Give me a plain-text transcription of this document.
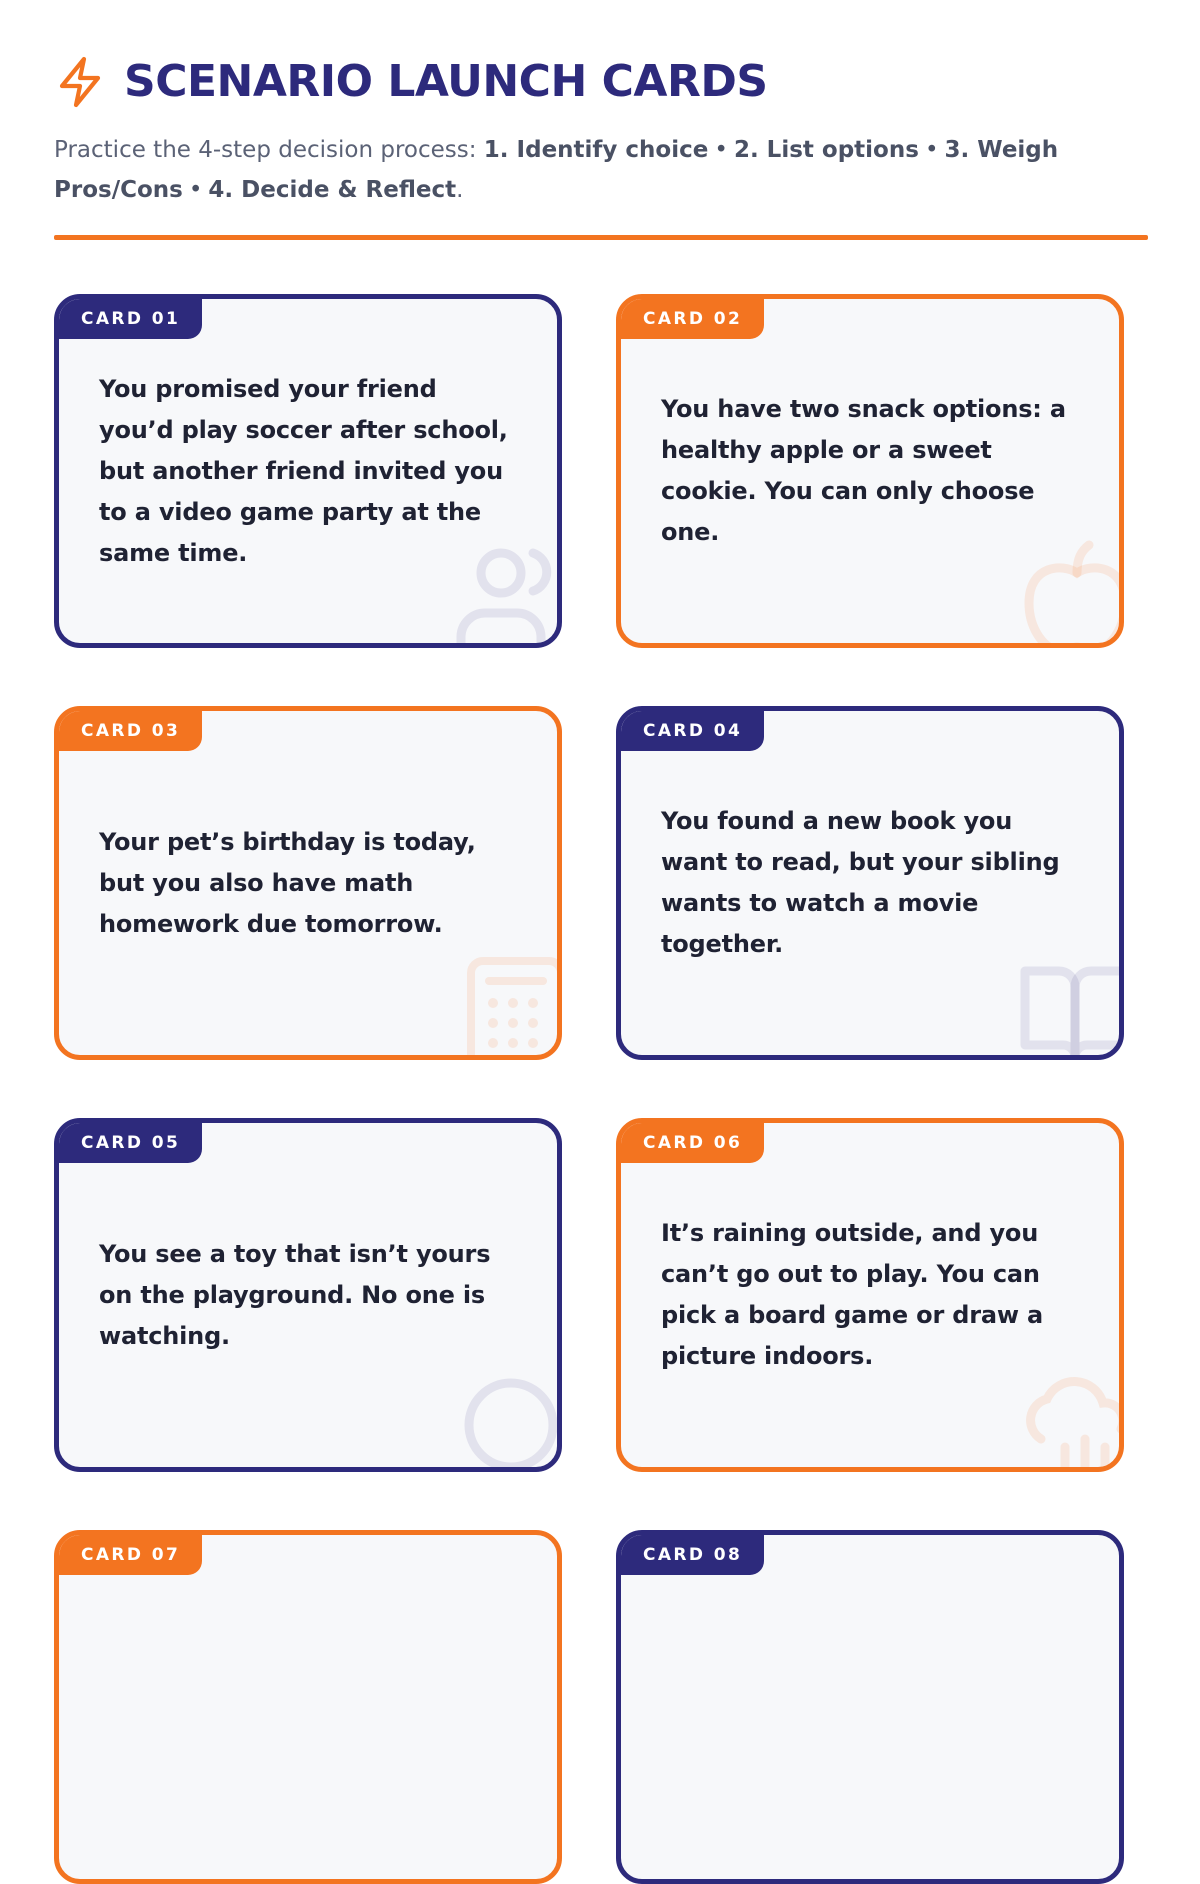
SCENARIO LAUNCH CARDS
Practice the 4-step decision process: 1. Identify choice • 2. List options • 3. Weigh Pros/Cons • 4. Decide & Reflect.
CARD 01
You promised your friend you’d play soccer after school, but another friend invited you to a video game party at the same time.
CARD 02
You have two snack options: a healthy apple or a sweet cookie. You can only choose one.
CARD 03
Your pet’s birthday is today, but you also have math homework due tomorrow.
CARD 04
You found a new book you want to read, but your sibling wants to watch a movie together.
CARD 05
You see a toy that isn’t yours on the playground. No one is watching.
CARD 06
It’s raining outside, and you can’t go out to play. You can pick a board game or draw a picture indoors.
CARD 07	CARD 08
